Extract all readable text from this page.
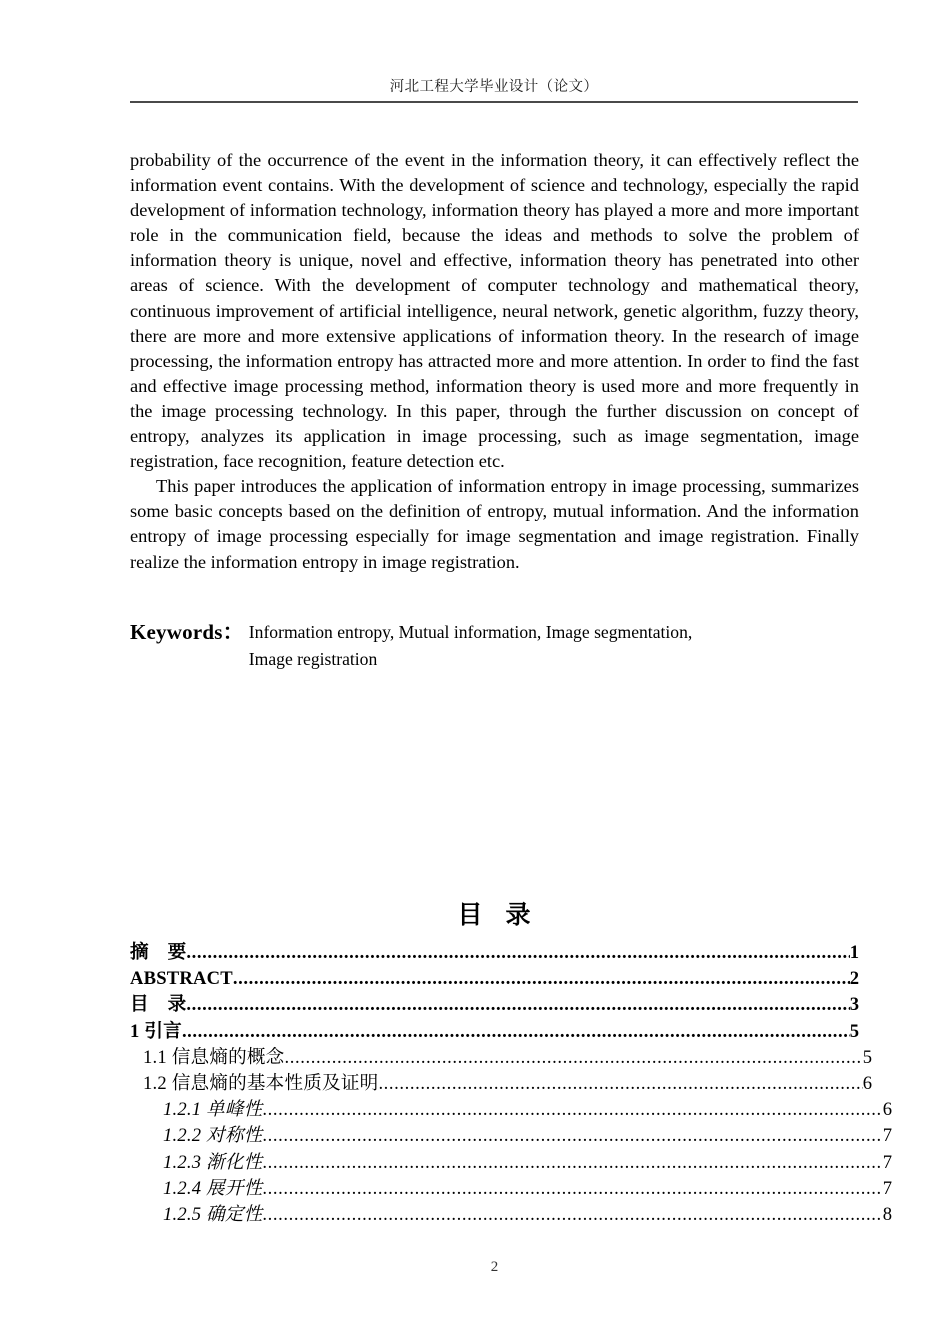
河北工程大学毕业设计（论文）

probability of the occurrence of the event in the information theory, it can effectively reflect the information event contains. With the development of science and technology, especially the rapid development of information technology, information theory has played a more and more important role in the communication field, because the ideas and methods to solve the problem of information theory is unique, novel and effective, information theory has penetrated into other areas of science. With the development of computer technology and mathematical theory, continuous improvement of artificial intelligence, neural network, genetic algorithm, fuzzy theory, there are more and more extensive applications of information theory. In the research of image processing, the information entropy has attracted more and more attention. In order to find the fast and effective image processing method, information theory is used more and more frequently in the image processing technology. In this paper, through the further discussion on concept of entropy, analyzes its application in image processing, such as image segmentation, image registration, face recognition, feature detection etc.

This paper introduces the application of information entropy in image processing, summarizes some basic concepts based on the definition of entropy, mutual information. And the information entropy of image processing especially for image segmentation and image registration. Finally realize the information entropy in image registration.

Keywords： Information entropy, Mutual information, Image segmentation,
Image registration
目 录
摘　要 .....	1
ABSTRACT .....	2
目　录 .....	3
1 引言 .....	5
1.1 信息熵的概念 .....	5
1.2 信息熵的基本性质及证明 .....	6
1.2.1 单峰性 .....	6
1.2.2 对称性 .....	7
1.2.3 渐化性 .....	7
1.2.4 展开性 .....	7
1.2.5 确定性 .....	8
2
